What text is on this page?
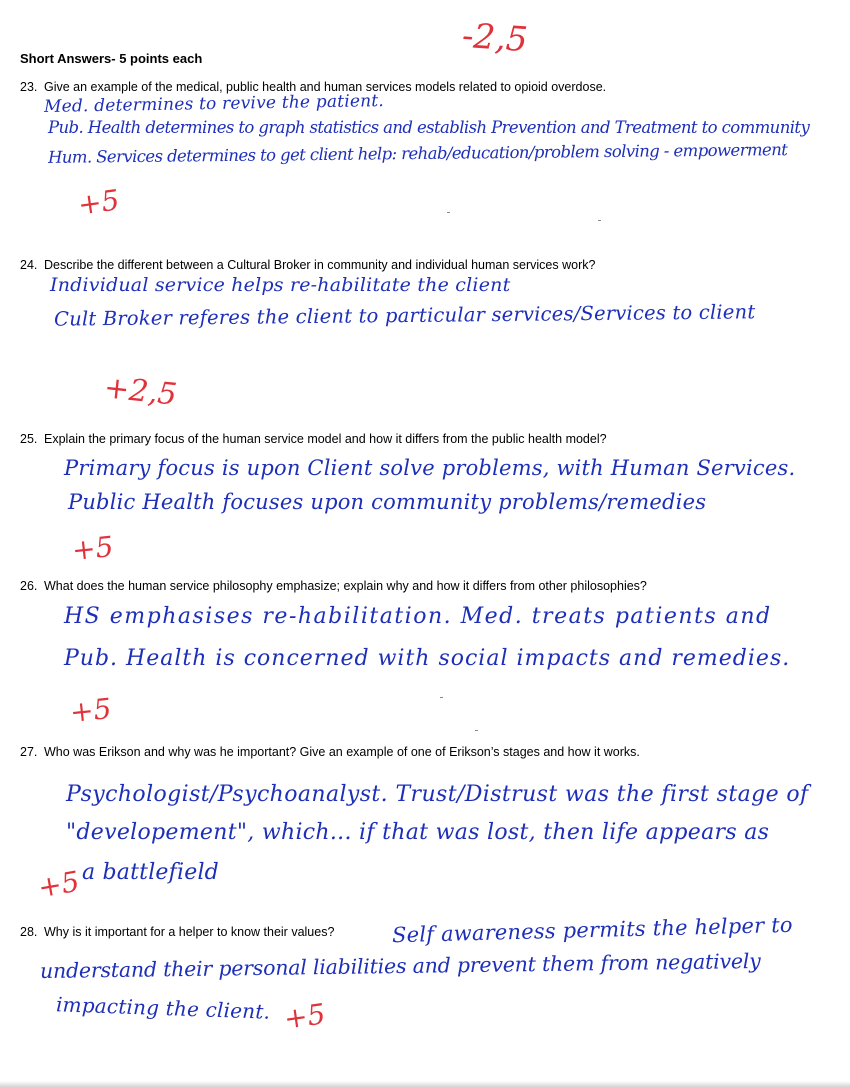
Short Answers- 5 points each	-2,5
23. Give an example of the medical, public health and human services models related to opioid overdose.
Med. determines to revive the patient.
Pub. Health determines to graph statistics and establish Prevention and Treatment to community
Hum. Services determines to get client help: rehab/education/problem solving - empowerment
+5
24. Describe the different between a Cultural Broker in community and individual human services work?
Individual service helps re-habilitate the client
Cult Broker referes the client to particular services/Services to client
+2,5
25. Explain the primary focus of the human service model and how it differs from the public health model?
Primary focus is upon Client solve problems, with Human Services.
Public Health focuses upon community problems/remedies
+5
26. What does the human service philosophy emphasize; explain why and how it differs from other philosophies?
HS emphasises re-habilitation. Med. treats patients and
Pub. Health is concerned with social impacts and remedies.
+5
27. Who was Erikson and why was he important? Give an example of one of Erikson’s stages and how it works.
Psychologist/Psychoanalyst. Trust/Distrust was the first stage of
"developement", which... if that was lost, then life appears as
a battlefield
+5
28. Why is it important for a helper to know their values?	Self awareness permits the helper to
understand their personal liabilities and prevent them from negatively
impacting the client. +5
